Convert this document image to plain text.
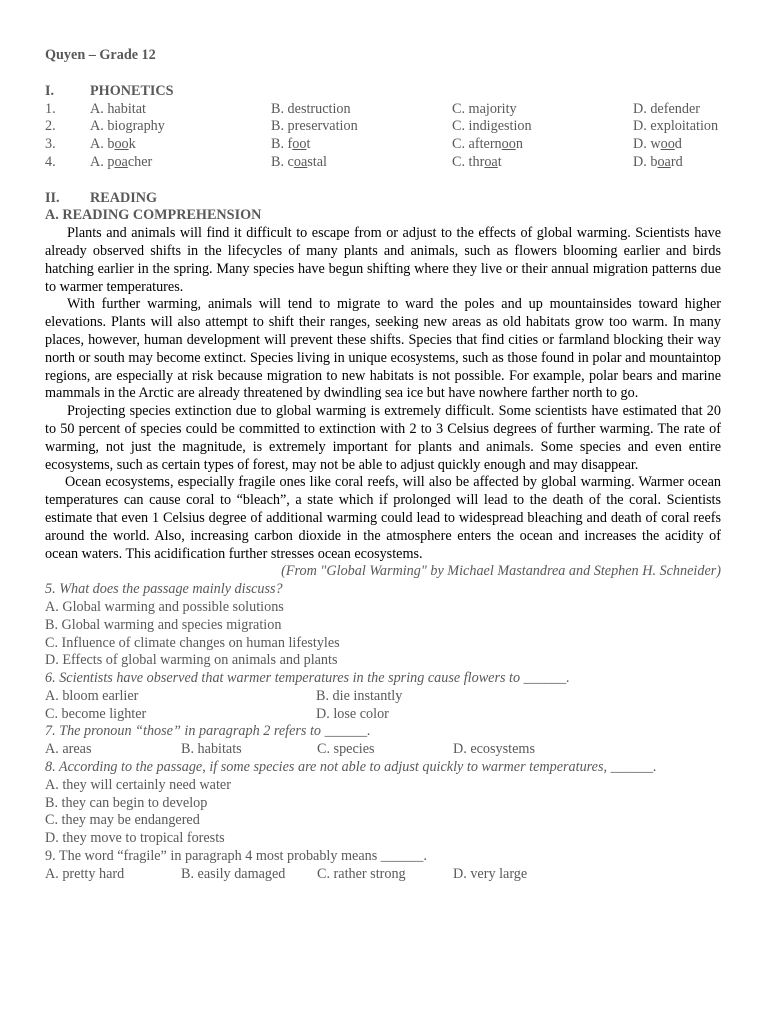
Quyen – Grade 12
I.	PHONETICS
1.	A. habitat	B. destruction	C. majority	D. defender
2.	A. biography	B. preservation	C. indigestion	D. exploitation
3.	A. book	B. foot	C. afternoon	D. wood
4.	A. poacher	B. coastal	C. throat	D. board
II.	READING
A. READING COMPREHENSION

Plants and animals will find it difficult to escape from or adjust to the effects of global warming. Scientists have already observed shifts in the lifecycles of many plants and animals, such as flowers blooming earlier and birds hatching earlier in the spring. Many species have begun shifting where they live or their annual migration patterns due to warmer temperatures.

With further warming, animals will tend to migrate to ward the poles and up mountainsides toward higher elevations. Plants will also attempt to shift their ranges, seeking new areas as old habitats grow too warm. In many places, however, human development will prevent these shifts. Species that find cities or farmland blocking their way north or south may become extinct. Species living in unique ecosystems, such as those found in polar and mountaintop regions, are especially at risk because migration to new habitats is not possible. For example, polar bears and marine mammals in the Arctic are already threatened by dwindling sea ice but have nowhere farther north to go.

Projecting species extinction due to global warming is extremely difficult. Some scientists have estimated that 20 to 50 percent of species could be committed to extinction with 2 to 3 Celsius degrees of further warming. The rate of warming, not just the magnitude, is extremely important for plants and animals. Some species and even entire ecosystems, such as certain types of forest, may not be able to adjust quickly enough and may disappear.

Ocean ecosystems, especially fragile ones like coral reefs, will also be affected by global warming. Warmer ocean temperatures can cause coral to “bleach”, a state which if prolonged will lead to the death of the coral. Scientists estimate that even 1 Celsius degree of additional warming could lead to widespread bleaching and death of coral reefs around the world. Also, increasing carbon dioxide in the atmosphere enters the ocean and increases the acidity of ocean waters. This acidification further stresses ocean ecosystems.

(From "Global Warming" by Michael Mastandrea and Stephen H. Schneider)
5. What does the passage mainly discuss?
A. Global warming and possible solutions
B. Global warming and species migration
C. Influence of climate changes on human lifestyles
D. Effects of global warming on animals and plants
6. Scientists have observed that warmer temperatures in the spring cause flowers to ______.
A. bloom earlier	B. die instantly
C. become lighter	D. lose color
7. The pronoun “those” in paragraph 2 refers to ______.
A. areas	B. habitats	C. species	D. ecosystems
8. According to the passage, if some species are not able to adjust quickly to warmer temperatures, ______.
A. they will certainly need water
B. they can begin to develop
C. they may be endangered
D. they move to tropical forests
9. The word “fragile” in paragraph 4 most probably means ______.
A. pretty hard	B. easily damaged	C. rather strong	D. very large
